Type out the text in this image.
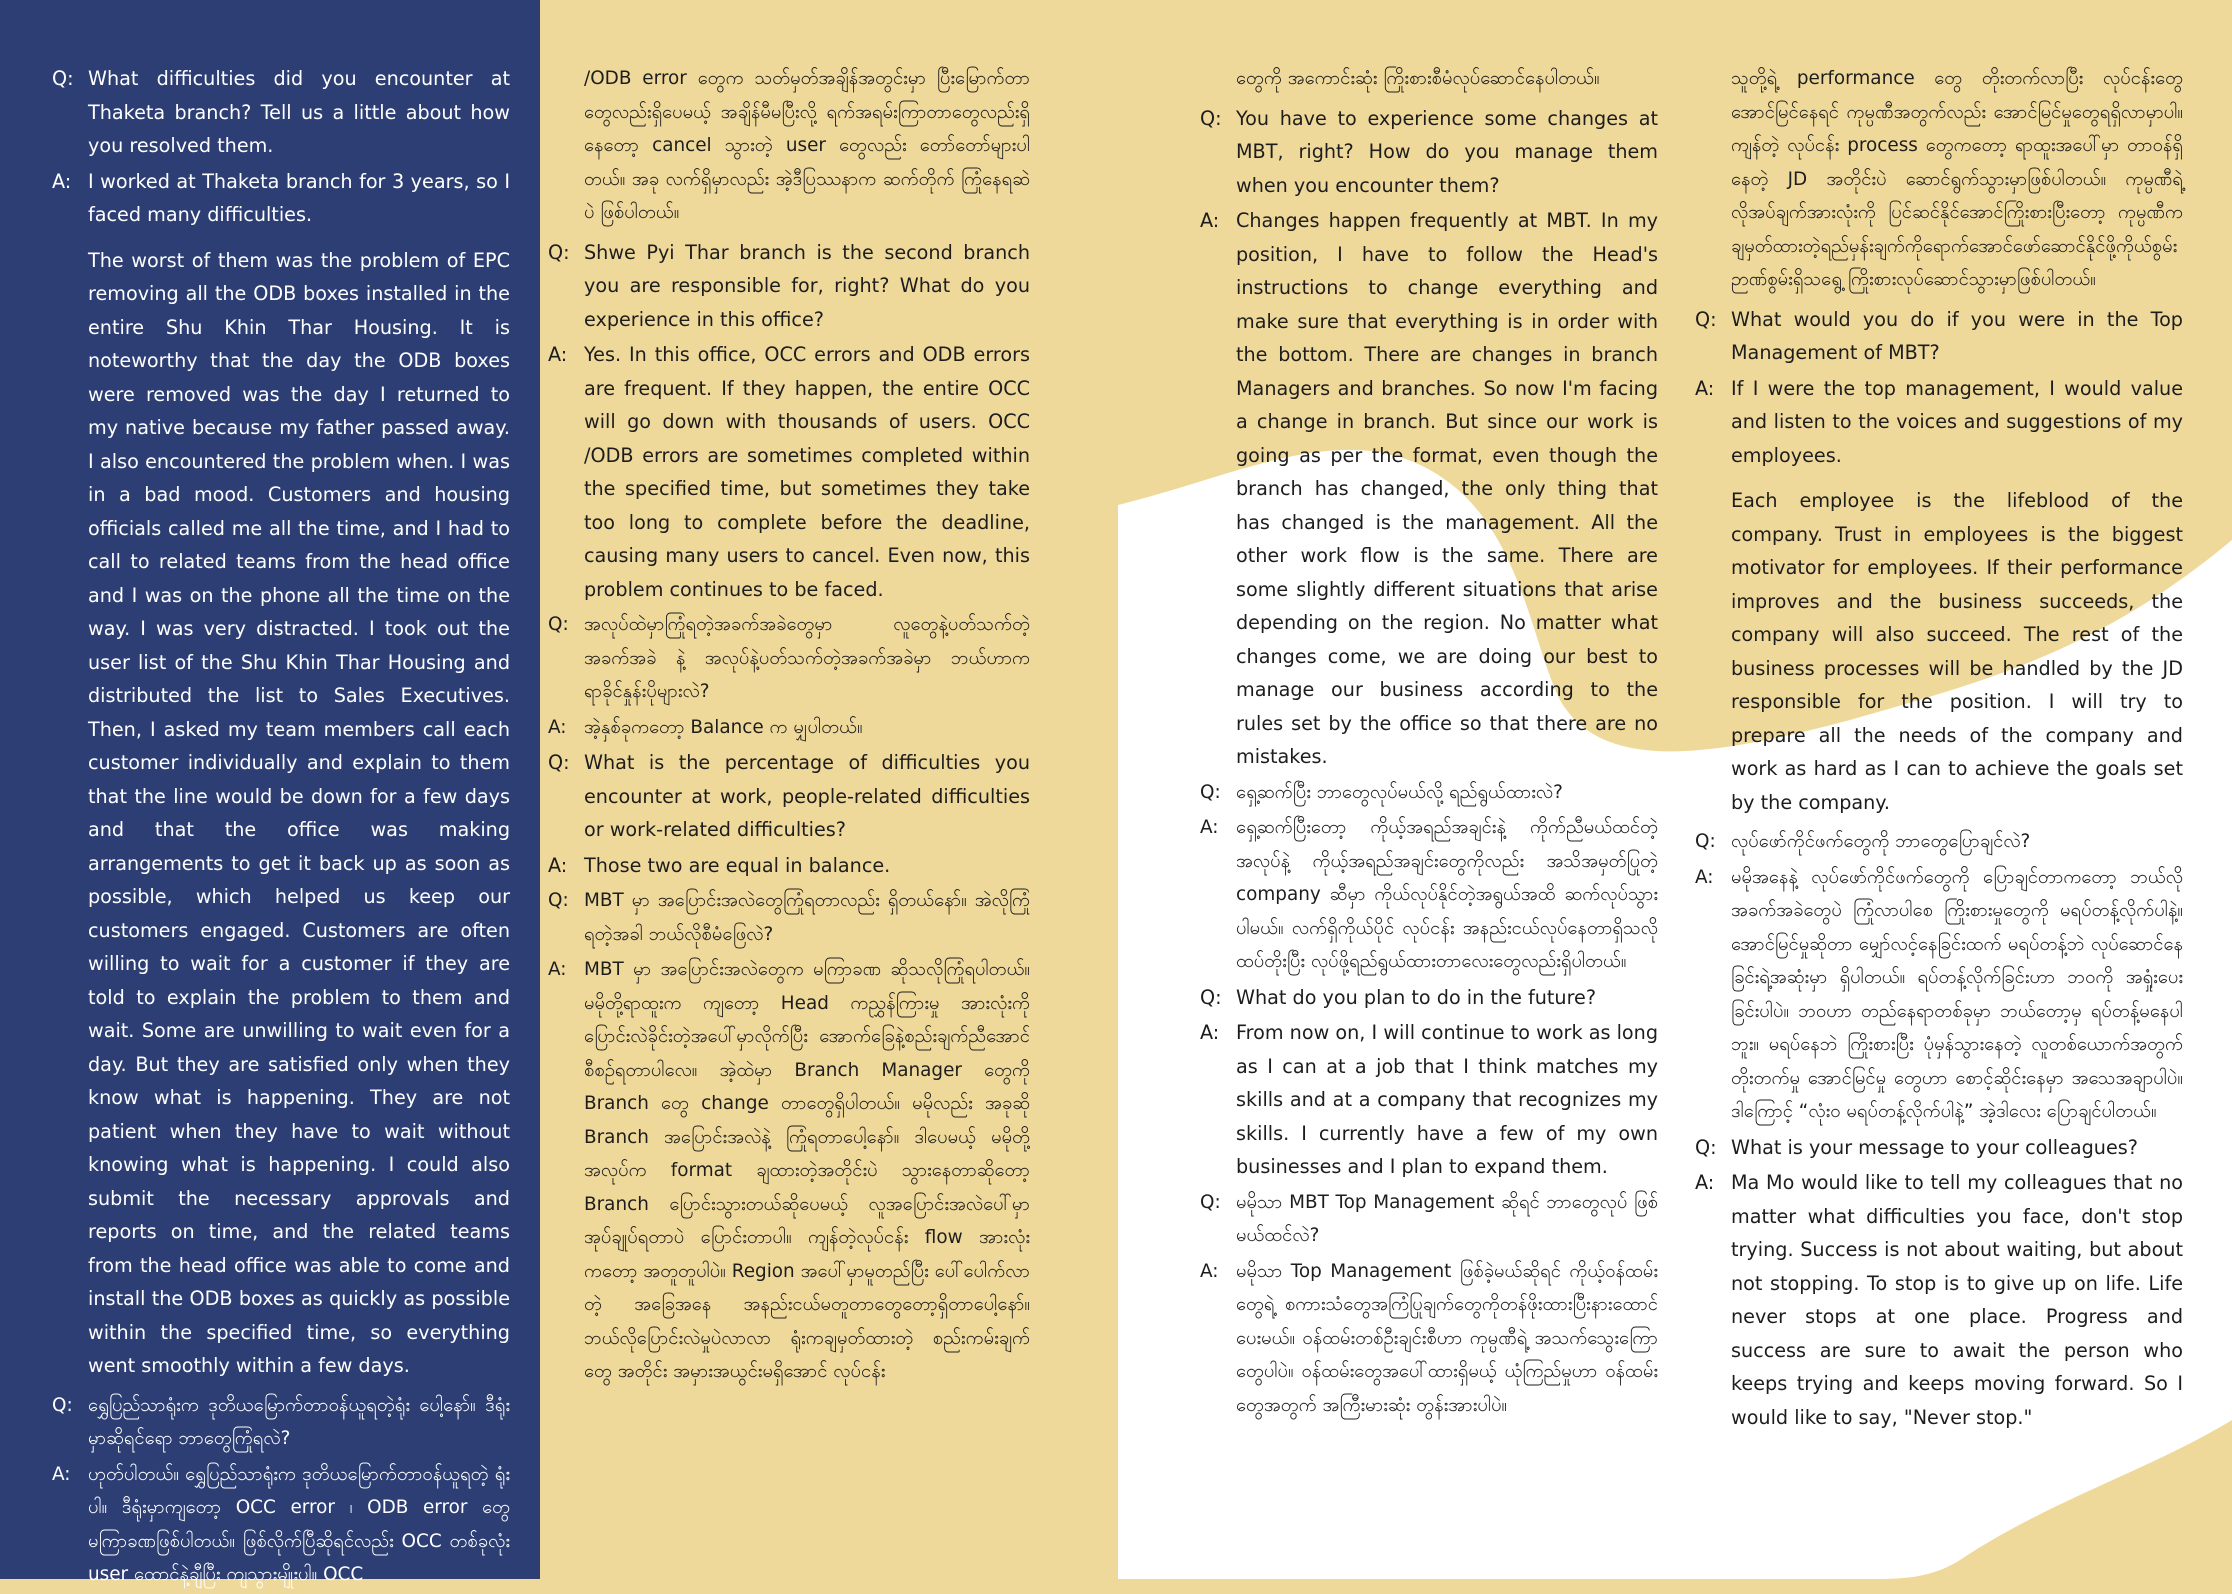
Q: What difficulties did you encounter at Thaketa branch? Tell us a little about how you resolved them.
A: I worked at Thaketa branch for 3 years, so I faced many difficulties.
The worst of them was the problem of EPC removing all the ODB boxes installed in the entire Shu Khin Thar Housing. It is noteworthy that the day the ODB boxes were removed was the day I returned to my native because my father passed away. I also encountered the problem when. I was in a bad mood. Customers and housing officials called me all the time, and I had to call to related teams from the head office and I was on the phone all the time on the way. I was very distracted. I took out the user list of the Shu Khin Thar Housing and distributed the list to Sales Executives. Then, I asked my team members call each customer individually and explain to them that the line would be down for a few days and that the office was making arrangements to get it back up as soon as possible, which helped us keep our customers engaged. Customers are often willing to wait for a customer if they are told to explain the problem to them and wait. Some are unwilling to wait even for a day. But they are satisfied only when they know what is happening. They are not patient when they have to wait without knowing what is happening. I could also submit the necessary approvals and reports on time, and the related teams from the head office was able to come and install the ODB boxes as quickly as possible within the specified time, so everything went smoothly within a few days.
Q: ရွှေပြည်သာရုံးက ဒုတိယမြောက်တာဝန်ယူရတဲ့ရုံး ပေါ့နော်။ ဒီရုံးမှာဆိုရင်ရော ဘာတွေကြုံရလဲ?
A: ဟုတ်ပါတယ်။ ရွှေပြည်သာရုံးက ဒုတိယမြောက်တာဝန်ယူရတဲ့ ရုံးပါ။ ဒီရုံးမှာကျတော့ OCC error ၊ ODB error တွေ မကြာခဏဖြစ်ပါတယ်။ ဖြစ်လိုက်ပြီဆိုရင်လည်း OCC တစ်ခုလုံး user ထောင်နဲ့ချီပြီး ကျသွားမျိုးပါ။ OCC
/ODB error တွေက သတ်မှတ်အချိန်အတွင်းမှာ ပြီးမြောက်တာတွေလည်းရှိပေမယ့် အချိန်မီမပြီးလို့ ရက်အရမ်းကြာတာတွေလည်းရှိနေတော့ cancel သွားတဲ့ user တွေလည်း တော်တော်များပါတယ်။ အခု လက်ရှိမှာလည်း အဲ့ဒီပြဿနာက ဆက်တိုက် ကြုံနေရဆဲ ပဲ ဖြစ်ပါတယ်။
Q: Shwe Pyi Thar branch is the second branch you are responsible for, right? What do you experience in this office?
A: Yes. In this office, OCC errors and ODB errors are frequent. If they happen, the entire OCC will go down with thousands of users. OCC /ODB errors are sometimes completed within the specified time, but sometimes they take too long to complete before the deadline, causing many users to cancel. Even now, this problem continues to be faced.
Q: အလုပ်ထဲမှာကြုံရတဲ့အခက်အခဲတွေမှာ လူတွေနဲ့ပတ်သက်တဲ့အခက်အခဲ နဲ့ အလုပ်နဲ့ပတ်သက်တဲ့အခက်အခဲမှာ ဘယ်ဟာက ရာခိုင်နှုန်းပိုများလဲ?
A: အဲ့နှစ်ခုကတော့ Balance က မျှပါတယ်။
Q: What is the percentage of difficulties you encounter at work, people-related difficulties or work-related difficulties?
A: Those two are equal in balance.
Q: MBT မှာ အပြောင်းအလဲတွေကြုံရတာလည်း ရှိတယ်နော်။ အဲလိုကြုံရတဲ့အခါ ဘယ်လိုစီမံဖြေလဲ?
A: MBT မှာ အပြောင်းအလဲတွေက မကြာခဏ ဆိုသလိုကြုံရပါတယ်။ မမိုတို့ရာထူးက ကျတော့ Head ကညွှန်ကြားမှု အားလုံးကို ပြောင်းလဲခိုင်းတဲ့အပေါ်မှာလိုက်ပြီး အောက်ခြေနဲ့စည်းချက်ညီအောင် စီစဉ်ရတာပါလေ။ အဲ့ထဲမှာ Branch Manager တွေကို Branch တွေ change တာတွေရှိပါတယ်။ မမိုလည်း အခုဆို Branch အပြောင်းအလဲနဲ့ ကြုံရတာပေါ့နော်။ ဒါပေမယ့် မမိုတို့အလုပ်က format ချထားတဲ့အတိုင်းပဲ သွားနေတာဆိုတော့ Branch ပြောင်းသွားတယ်ဆိုပေမယ့် လူအပြောင်းအလဲပေါ်မှာ အုပ်ချုပ်ရတာပဲ ပြောင်းတာပါ။ ကျန်တဲ့လုပ်ငန်း flow အားလုံးကတော့ အတူတူပါပဲ။ Region အပေါ်မှာမူတည်ပြီး ပေါ်ပေါက်လာတဲ့ အခြေအနေ အနည်းငယ်မတူတာတွေတော့ရှိတာပေါ့နော်။ ဘယ်လိုပြောင်းလဲမှုပဲလာလာ ရုံးကချမှတ်ထားတဲ့ စည်းကမ်းချက်တွေ အတိုင်း အမှားအယွင်းမရှိအောင် လုပ်ငန်း
တွေကို အကောင်းဆုံး ကြိုးစားစီမံလုပ်ဆောင်နေပါတယ်။
Q: You have to experience some changes at MBT, right? How do you manage them when you encounter them?
A: Changes happen frequently at MBT. In my position, I have to follow the Head's instructions to change everything and make sure that everything is in order with the bottom. There are changes in branch Managers and branches. So now I'm facing a change in branch. But since our work is going as per the format, even though the branch has changed, the only thing that has changed is the management. All the other work flow is the same. There are some slightly different situations that arise depending on the region. No matter what changes come, we are doing our best to manage our business according to the rules set by the office so that there are no mistakes.
Q: ရှေ့ဆက်ပြီး ဘာတွေလုပ်မယ်လို့ ရည်ရွယ်ထားလဲ?
A: ရှေ့ဆက်ပြီးတော့ ကိုယ့်အရည်အချင်းနဲ့ ကိုက်ညီမယ်ထင်တဲ့အလုပ်နဲ့ ကိုယ့်အရည်အချင်းတွေကိုလည်း အသိအမှတ်ပြုတဲ့ company ဆီမှာ ကိုယ်လုပ်နိုင်တဲ့အရွယ်အထိ ဆက်လုပ်သွားပါမယ်။ လက်ရှိကိုယ်ပိုင် လုပ်ငန်း အနည်းငယ်လုပ်နေတာရှိသလို ထပ်တိုးပြီး လုပ်ဖို့ရည်ရွယ်ထားတာလေးတွေလည်းရှိပါတယ်။
Q: What do you plan to do in the future?
A: From now on, I will continue to work as long as I can at a job that I think matches my skills and at a company that recognizes my skills. I currently have a few of my own businesses and I plan to expand them.
Q: မမိုသာ MBT Top Management ဆိုရင် ဘာတွေလုပ် ဖြစ်မယ်ထင်လဲ?
A: မမိုသာ Top Management ဖြစ်ခဲ့မယ်ဆိုရင် ကိုယ့်ဝန်ထမ်းတွေရဲ့ စကားသံတွေအကြံပြုချက်တွေကိုတန်ဖိုးထားပြီးနားထောင်ပေးမယ်။ ဝန်ထမ်းတစ်ဦးချင်းစီဟာ ကုမ္ပဏီရဲ့ အသက်သွေးကြောတွေပါပဲ။ ဝန်ထမ်းတွေအပေါ်ထားရှိမယ့် ယုံကြည်မှုဟာ ဝန်ထမ်းတွေအတွက် အကြီးမားဆုံး တွန်းအားပါပဲ။
သူတို့ရဲ့ performance တွေ တိုးတက်လာပြီး လုပ်ငန်းတွေ အောင်မြင်နေရင် ကုမ္ပဏီအတွက်လည်း အောင်မြင်မှုတွေရရှိလာမှာပါ။ ကျန်တဲ့ လုပ်ငန်း process တွေကတော့ ရာထူးအပေါ်မှာ တာဝန်ရှိနေတဲ့ JD အတိုင်းပဲ ဆောင်ရွက်သွားမှာဖြစ်ပါတယ်။ ကုမ္ပဏီရဲ့လိုအပ်ချက်အားလုံးကို ပြင်ဆင်နိုင်အောင်ကြိုးစားပြီးတော့ ကုမ္ပဏီက ချမှတ်ထားတဲ့ရည်မှန်းချက်ကိုရောက်အောင်ဖော်ဆောင်နိုင်ဖို့ကိုယ်စွမ်းဉာဏ်စွမ်းရှိသရွေ့ ကြိုးစားလုပ်ဆောင်သွားမှာဖြစ်ပါတယ်။
Q: What would you do if you were in the Top Management of MBT?
A: If I were the top management, I would value and listen to the voices and suggestions of my employees.
Each employee is the lifeblood of the company. Trust in employees is the biggest motivator for employees. If their performance improves and the business succeeds, the company will also succeed. The rest of the business processes will be handled by the JD responsible for the position. I will try to prepare all the needs of the company and work as hard as I can to achieve the goals set by the company.
Q: လုပ်ဖော်ကိုင်ဖက်တွေကို ဘာတွေပြောချင်လဲ?
A: မမိုအနေနဲ့ လုပ်ဖော်ကိုင်ဖက်တွေကို ပြောချင်တာကတော့ ဘယ်လိုအခက်အခဲတွေပဲ ကြုံလာပါစေ ကြိုးစားမှုတွေကို မရပ်တန့်လိုက်ပါနဲ့။ အောင်မြင်မှုဆိုတာ မျှော်လင့်နေခြင်းထက် မရပ်တန့်ဘဲ လုပ်ဆောင်နေခြင်းရဲ့အဆုံးမှာ ရှိပါတယ်။ ရပ်တန့်လိုက်ခြင်းဟာ ဘဝကို အရှုံးပေးခြင်းပါပဲ။ ဘဝဟာ တည်နေရာတစ်ခုမှာ ဘယ်တော့မှ ရပ်တန့်မနေပါဘူး။ မရပ်နေဘဲ ကြိုးစားပြီး ပုံမှန်သွားနေတဲ့ လူတစ်ယောက်အတွက် တိုးတက်မှု အောင်မြင်မှု တွေဟာ စောင့်ဆိုင်းနေမှာ အသေအချာပါပဲ။ ဒါကြောင့် “လုံးဝ မရပ်တန့်လိုက်ပါနဲ့” အဲ့ဒါလေး ပြောချင်ပါတယ်။
Q: What is your message to your colleagues?
A: Ma Mo would like to tell my colleagues that no matter what difficulties you face, don't stop trying. Success is not about waiting, but about not stopping. To stop is to give up on life. Life never stops at one place. Progress and success are sure to await the person who keeps trying and keeps moving forward. So I would like to say, "Never stop."
